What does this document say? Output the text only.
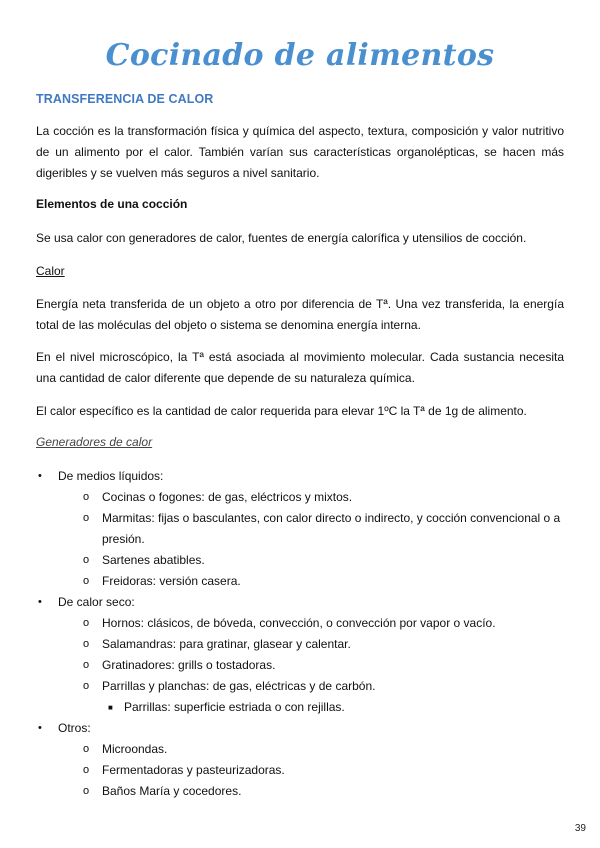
Cocinado de alimentos
TRANSFERENCIA DE CALOR
La cocción es la transformación física y química del aspecto, textura, composición y valor nutritivo de un alimento por el calor. También varían sus características organolépticas, se hacen más digeribles y se vuelven más seguros a nivel sanitario.
Elementos de una cocción
Se usa calor con generadores de calor, fuentes de energía calorífica y utensilios de cocción.
Calor
Energía neta transferida de un objeto a otro por diferencia de Tª. Una vez transferida, la energía total de las moléculas del objeto o sistema se denomina energía interna.
En el nivel microscópico, la Tª está asociada al movimiento molecular. Cada sustancia necesita una cantidad de calor diferente que depende de su naturaleza química.
El calor específico es la cantidad de calor requerida para elevar 1ºC la Tª de 1g de alimento.
Generadores de calor
• De medios líquidos:
o Cocinas o fogones: de gas, eléctricos y mixtos.
o Marmitas: fijas o basculantes, con calor directo o indirecto, y cocción convencional o a presión.
o Sartenes abatibles.
o Freidoras: versión casera.
• De calor seco:
o Hornos: clásicos, de bóveda, convección, o convección por vapor o vacío.
o Salamandras: para gratinar, glasear y calentar.
o Gratinadores: grills o tostadoras.
o Parrillas y planchas: de gas, eléctricas y de carbón.
■ Parrillas: superficie estriada o con rejillas.
• Otros:
o Microondas.
o Fermentadoras y pasteurizadoras.
o Baños María y cocedores.
39
